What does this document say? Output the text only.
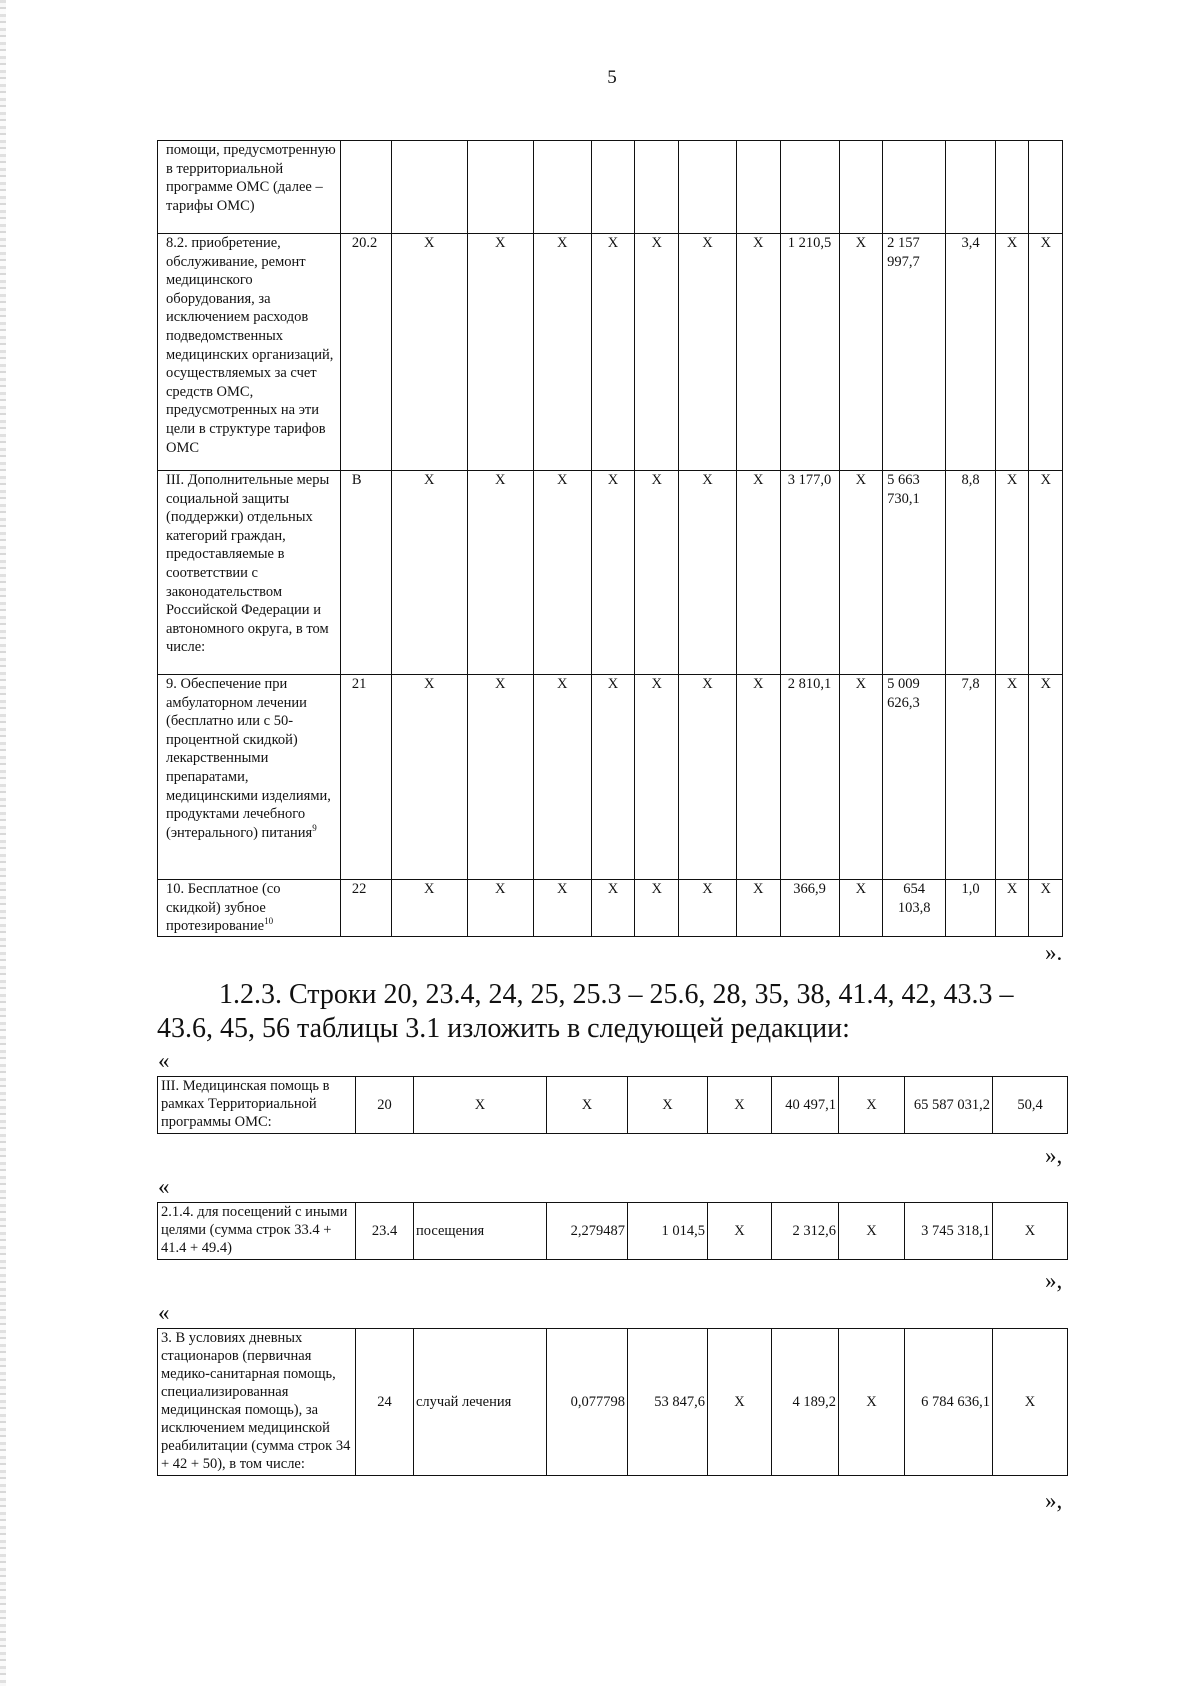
5
помощи, предусмотренную в территориальной программе ОМС (далее – тарифы ОМС)														
8.2. приобретение, обслуживание, ремонт медицинского оборудования, за исключением расходов подведомственных медицинских организаций, осуществляемых за счет средств ОМС, предусмотренных на эти цели в структуре тарифов ОМС	20.2	Х	Х	Х	Х	Х	Х	Х	1 210,5	Х	2 157 997,7	3,4	Х	Х
III. Дополнительные меры социальной защиты (поддержки) отдельных категорий граждан, предоставляемые в соответствии с законодательством Российской Федерации и автономного округа, в том числе:	В	Х	Х	Х	Х	Х	Х	Х	3 177,0	Х	5 663 730,1	8,8	Х	Х
9. Обеспечение при амбулаторном лечении (бесплатно или с 50-процентной скидкой) лекарственными препаратами, медицинскими изделиями, продуктами лечебного (энтерального) питания$^9$	21	Х	Х	Х	Х	Х	Х	Х	2 810,1	Х	5 009 626,3	7,8	Х	Х
10. Бесплатное (со скидкой) зубное протезирование$^{10}$	22	Х	Х	Х	Х	Х	Х	Х	366,9	Х	654 103,8	1,0	Х	Х
».
1.2.3. Строки 20, 23.4, 24, 25, 25.3 – 25.6, 28, 35, 38, 41.4, 42, 43.3 – 43.6, 45, 56 таблицы 3.1 изложить в следующей редакции:
«
III. Медицинская помощь в рамках Территориальной программы ОМС:	20	Х	Х	Х	Х	40 497,1	Х	65 587 031,2	50,4
»,
«
2.1.4. для посещений с иными целями (сумма строк 33.4 + 41.4 + 49.4)	23.4	посещения	2,279487	1 014,5	Х	2 312,6	Х	3 745 318,1	Х
»,
«
3. В условиях дневных стационаров (первичная медико-санитарная помощь, специализированная медицинская помощь), за исключением медицинской реабилитации (сумма строк 34 + 42 + 50), в том числе:	24	случай лечения	0,077798	53 847,6	Х	4 189,2	Х	6 784 636,1	Х
»,
